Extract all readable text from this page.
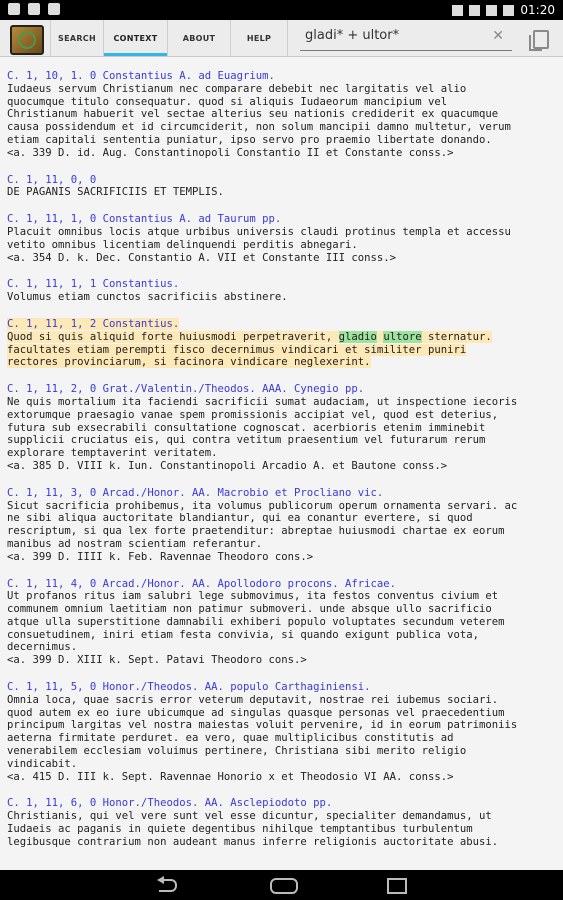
01:20
SEARCH	CONTEXT	ABOUT	HELP
gladi* + ultor*	✕
C. 1, 10, 1. 0 Constantius A. ad Euagrium.
Iudaeus servum Christianum nec comparare debebit nec largitatis vel alio
quocumque titulo consequatur. quod si aliquis Iudaeorum mancipium vel
Christianum habuerit vel sectae alterius seu nationis crediderit ex quacumque
causa possidendum et id circumciderit, non solum mancipii damno multetur, verum
etiam capitali sententia puniatur, ipso servo pro praemio libertate donando.
<a. 339 D. id. Aug. Constantinopoli Constantio II et Constante conss.>
C. 1, 11, 0, 0
DE PAGANIS SACRIFICIIS ET TEMPLIS.
C. 1, 11, 1, 0 Constantius A. ad Taurum pp.
Placuit omnibus locis atque urbibus universis claudi protinus templa et accessu
vetito omnibus licentiam delinquendi perditis abnegari.
<a. 354 D. k. Dec. Constantio A. VII et Constante III conss.>
C. 1, 11, 1, 1 Constantius.
Volumus etiam cunctos sacrificiis abstinere.
C. 1, 11, 1, 2 Constantius.
Quod si quis aliquid forte huiusmodi perpetraverit, gladio ultore sternatur.
facultates etiam perempti fisco decernimus vindicari et similiter puniri
rectores provinciarum, si facinora vindicare neglexerint.
C. 1, 11, 2, 0 Grat./Valentin./Theodos. AAA. Cynegio pp.
Ne quis mortalium ita faciendi sacrificii sumat audaciam, ut inspectione iecoris
extorumque praesagio vanae spem promissionis accipiat vel, quod est deterius,
futura sub exsecrabili consultatione cognoscat. acerbioris etenim imminebit
supplicii cruciatus eis, qui contra vetitum praesentium vel futurarum rerum
explorare temptaverint veritatem.
<a. 385 D. VIII k. Iun. Constantinopoli Arcadio A. et Bautone conss.>
C. 1, 11, 3, 0 Arcad./Honor. AA. Macrobio et Procliano vic.
Sicut sacrificia prohibemus, ita volumus publicorum operum ornamenta servari. ac
ne sibi aliqua auctoritate blandiantur, qui ea conantur evertere, si quod
rescriptum, si qua lex forte praetenditur: abreptae huiusmodi chartae ex eorum
manibus ad nostram scientiam referantur.
<a. 399 D. IIII k. Feb. Ravennae Theodoro cons.>
C. 1, 11, 4, 0 Arcad./Honor. AA. Apollodoro procons. Africae.
Ut profanos ritus iam salubri lege submovimus, ita festos conventus civium et
communem omnium laetitiam non patimur submoveri. unde absque ullo sacrificio
atque ulla superstitione damnabili exhiberi populo voluptates secundum veterem
consuetudinem, iniri etiam festa convivia, si quando exigunt publica vota,
decernimus.
<a. 399 D. XIII k. Sept. Patavi Theodoro cons.>
C. 1, 11, 5, 0 Honor./Theodos. AA. populo Carthaginiensi.
Omnia loca, quae sacris error veterum deputavit, nostrae rei iubemus sociari.
quod autem ex eo iure ubicumque ad singulas quasque personas vel praecedentium
principum largitas vel nostra maiestas voluit pervenire, id in eorum patrimoniis
aeterna firmitate perduret. ea vero, quae multiplicibus constitutis ad
venerabilem ecclesiam voluimus pertinere, Christiana sibi merito religio
vindicabit.
<a. 415 D. III k. Sept. Ravennae Honorio x et Theodosio VI AA. conss.>
C. 1, 11, 6, 0 Honor./Theodos. AA. Asclepiodoto pp.
Christianis, qui vel vere sunt vel esse dicuntur, specialiter demandamus, ut
Iudaeis ac paganis in quiete degentibus nihilque temptantibus turbulentum
legibusque contrarium non audeant manus inferre religionis auctoritate abusi.
